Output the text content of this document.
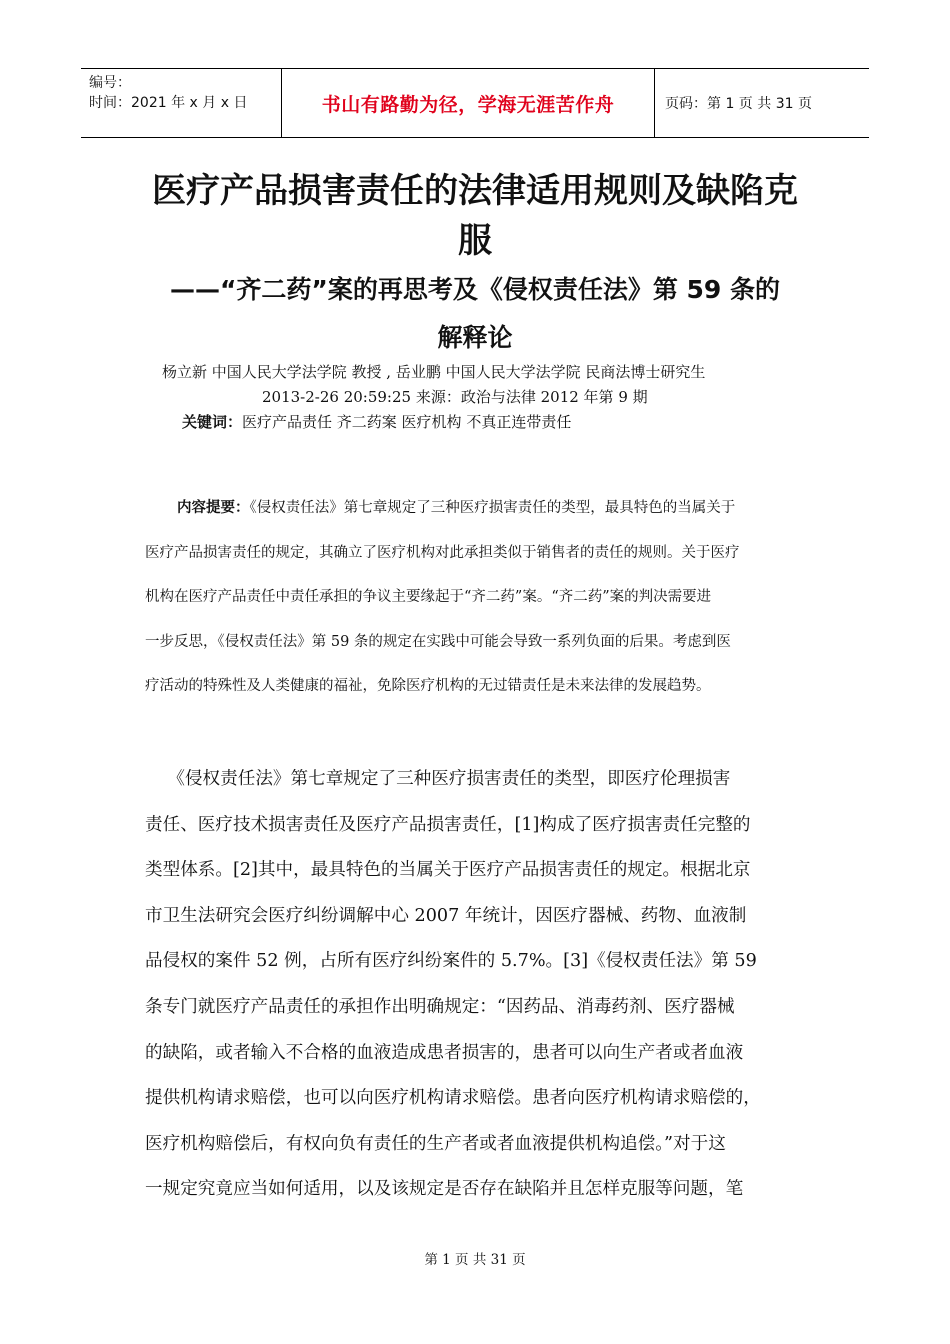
编号：
时间：2021 年 x 月 x 日	书山有路勤为径，学海无涯苦作舟	页码：第 1 页 共 31 页
医疗产品损害责任的法律适用规则及缺陷克
服
——“齐二药”案的再思考及《侵权责任法》第 59 条的
解释论
杨立新 中国人民大学法学院 教授 , 岳业鹏 中国人民大学法学院 民商法博士研究生
2013-2-26 20:59:25 来源：政治与法律 2012 年第 9 期
关键词：医疗产品责任 齐二药案 医疗机构 不真正连带责任
内容提要：《侵权责任法》第七章规定了三种医疗损害责任的类型，最具特色的当属关于
医疗产品损害责任的规定，其确立了医疗机构对此承担类似于销售者的责任的规则。关于医疗
机构在医疗产品责任中责任承担的争议主要缘起于“齐二药”案。“齐二药”案的判决需要进
一步反思，《侵权责任法》第 59 条的规定在实践中可能会导致一系列负面的后果。考虑到医
疗活动的特殊性及人类健康的福祉，免除医疗机构的无过错责任是未来法律的发展趋势。
《侵权责任法》第七章规定了三种医疗损害责任的类型，即医疗伦理损害
责任、医疗技术损害责任及医疗产品损害责任，[1]构成了医疗损害责任完整的
类型体系。[2]其中，最具特色的当属关于医疗产品损害责任的规定。根据北京
市卫生法研究会医疗纠纷调解中心 2007 年统计，因医疗器械、药物、血液制
品侵权的案件 52 例，占所有医疗纠纷案件的 5.7%。[3]《侵权责任法》第 59
条专门就医疗产品责任的承担作出明确规定：“因药品、消毒药剂、医疗器械
的缺陷，或者输入不合格的血液造成患者损害的，患者可以向生产者或者血液
提供机构请求赔偿，也可以向医疗机构请求赔偿。患者向医疗机构请求赔偿的，
医疗机构赔偿后，有权向负有责任的生产者或者血液提供机构追偿。”对于这
一规定究竟应当如何适用，以及该规定是否存在缺陷并且怎样克服等问题，笔
第 1 页 共 31 页
